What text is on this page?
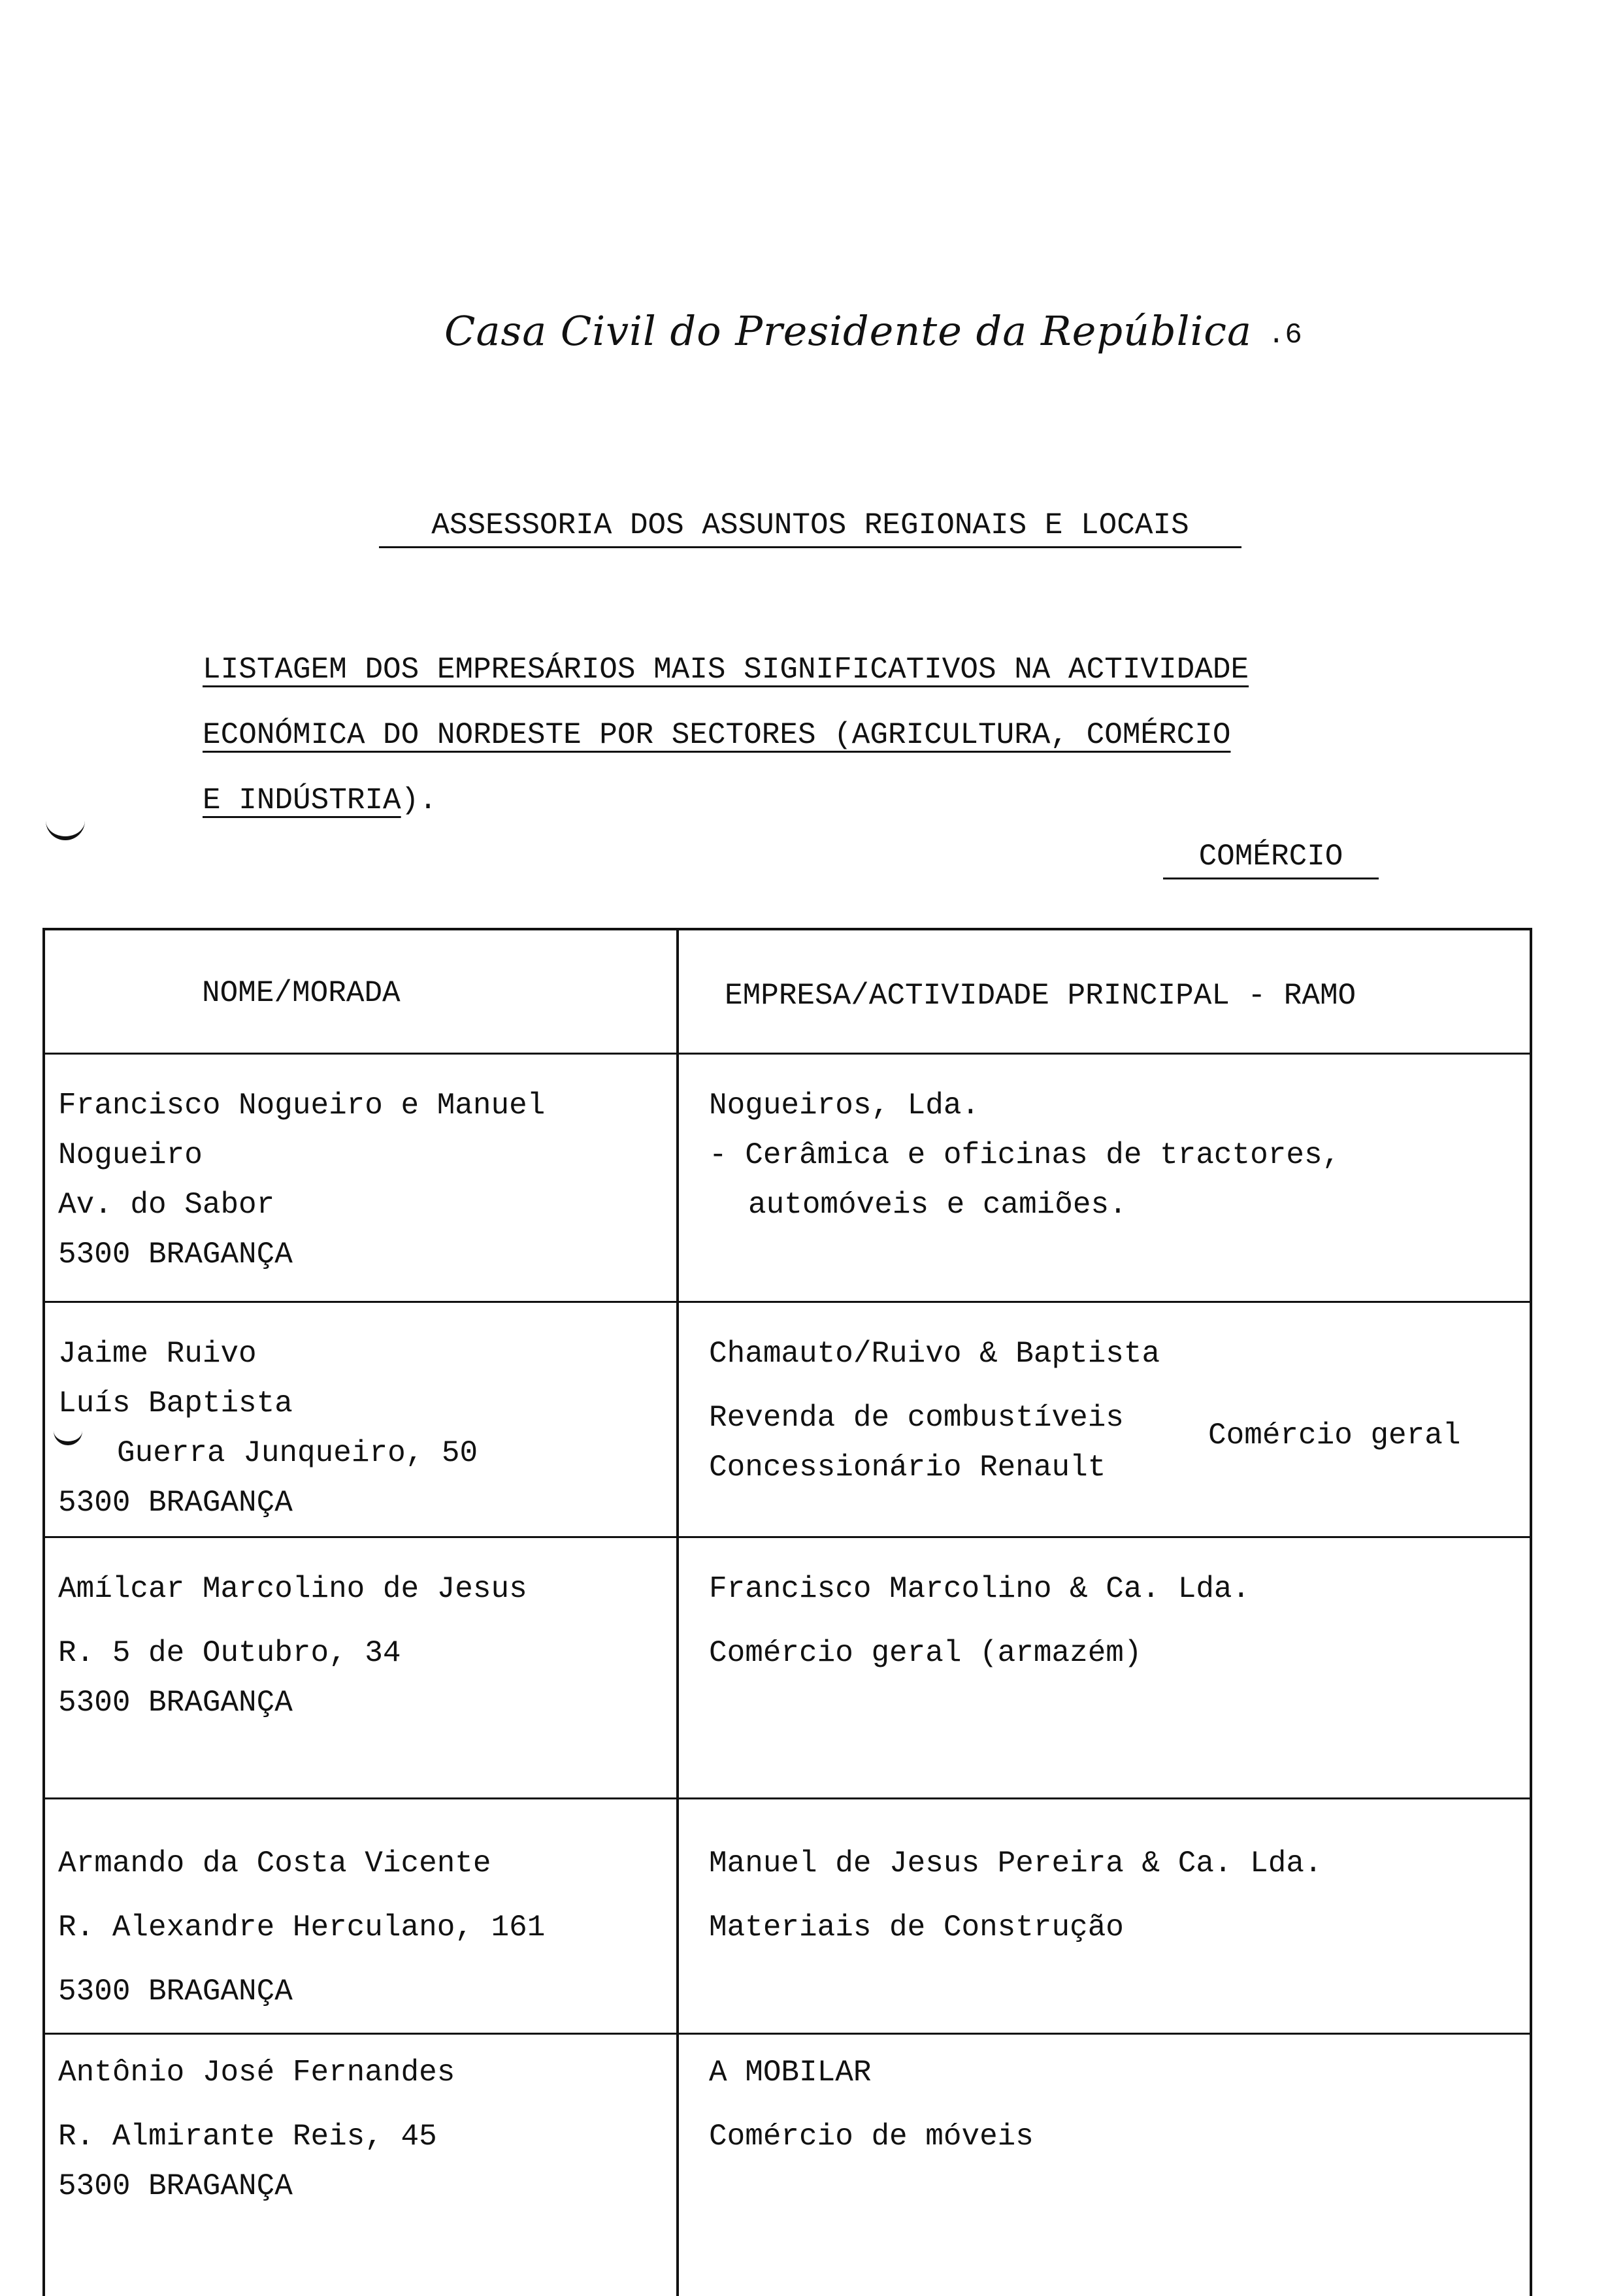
Casa Civil do Presidente da República .6
ASSESSORIA DOS ASSUNTOS REGIONAIS E LOCAIS
LISTAGEM DOS EMPRESÁRIOS MAIS SIGNIFICATIVOS NA ACTIVIDADE
ECONÓMICA DO NORDESTE POR SECTORES (AGRICULTURA, COMÉRCIO
E INDÚSTRIA).
COMÉRCIO
NOME/MORADA	EMPRESA/ACTIVIDADE PRINCIPAL - RAMO
Francisco Nogueiro e Manuel
Nogueiro
Av. do Sabor
5300 BRAGANÇA
Nogueiros, Lda.
- Cerâmica e oficinas de tractores,
automóveis e camiões.
Jaime Ruivo
Luís Baptista
Guerra Junqueiro, 50
5300 BRAGANÇA
Chamauto/Ruivo & Baptista
Revenda de combustíveis
Concessionário Renault
Comércio geral
Amílcar Marcolino de Jesus
R. 5 de Outubro, 34
5300 BRAGANÇA
Francisco Marcolino & Ca. Lda.
Comércio geral (armazém)
Armando da Costa Vicente
R. Alexandre Herculano, 161
5300 BRAGANÇA
Manuel de Jesus Pereira & Ca. Lda.
Materiais de Construção
Antônio José Fernandes
R. Almirante Reis, 45
5300 BRAGANÇA
A MOBILAR
Comércio de móveis
